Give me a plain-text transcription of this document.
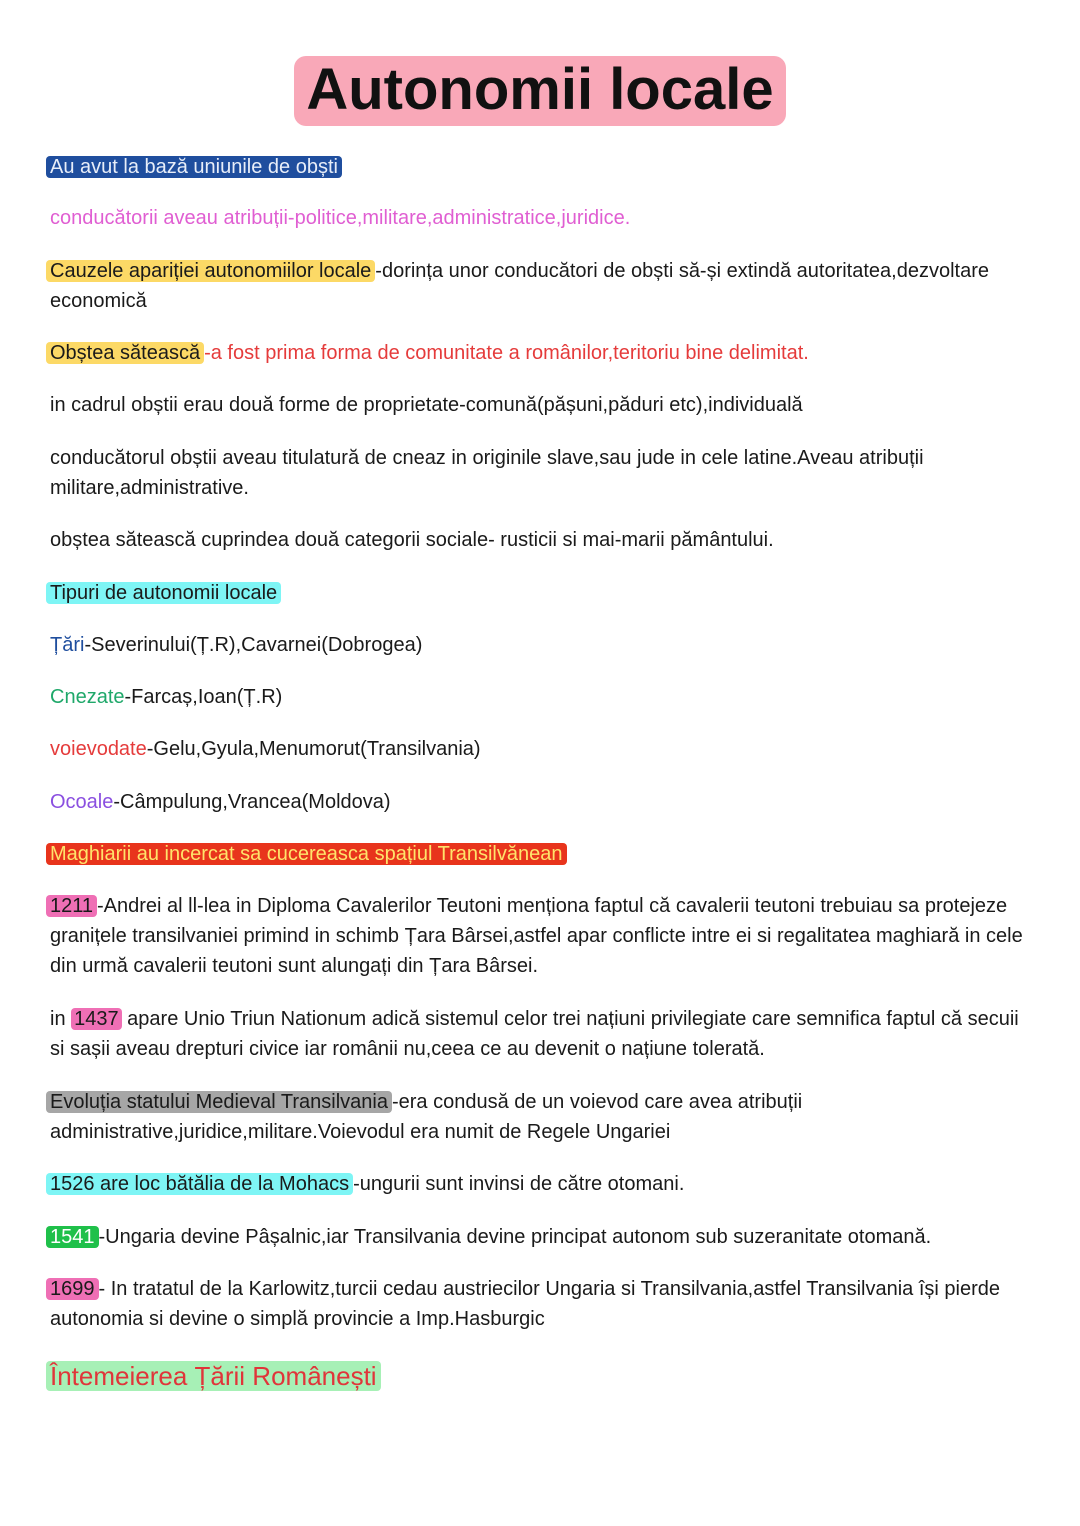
Autonomii locale
Au avut la bază uniunile de obști
conducătorii aveau atribuții-politice,militare,administratice,juridice.
Cauzele apariției autonomiilor locale -dorința unor conducători de obști să-și extindă autoritatea,dezvoltare economică
Obștea sătească -a fost prima forma de comunitate a românilor,teritoriu bine delimitat.
in cadrul obștii erau două forme de proprietate-comună(pășuni,păduri etc),individuală
conducătorul obștii aveau titulatură de cneaz in originile slave,sau jude in cele latine.Aveau atribuții militare,administrative.
obștea sătească cuprindea două categorii sociale- rusticii si mai-marii pământului.
Tipuri de autonomii locale
Țări-Severinului(Ț.R),Cavarnei(Dobrogea)
Cnezate-Farcaș,Ioan(Ț.R)
voievodate-Gelu,Gyula,Menumorut(Transilvania)
Ocoale-Câmpulung,Vrancea(Moldova)
Maghiarii au incercat sa cucereasca spațiul Transilvănean
1211 -Andrei al ll-lea in Diploma Cavalerilor Teutoni menționa faptul că cavalerii teutoni trebuiau sa protejeze granițele transilvaniei primind in schimb Țara Bârsei,astfel apar conflicte intre ei si regalitatea maghiară in cele din urmă cavalerii teutoni sunt alungați din Țara Bârsei.
in 1437 apare Unio Triun Nationum adică sistemul celor trei națiuni privilegiate care semnifica faptul că secuii si sașii aveau drepturi civice iar românii nu,ceea ce au devenit o națiune tolerată.
Evoluția statului Medieval Transilvania -era condusă de un voievod care avea atribuții administrative,juridice,militare.Voievodul era numit de Regele Ungariei
1526 are loc bătălia de la Mohacs -ungurii sunt invinsi de către otomani.
1541 -Ungaria devine Pâșalnic,iar Transilvania devine principat autonom sub suzeranitate otomană.
1699 - In tratatul de la Karlowitz,turcii cedau austriecilor Ungaria si Transilvania,astfel Transilvania își pierde autonomia si devine o simplă provincie a Imp.Hasburgic
Întemeierea Țării Românești
